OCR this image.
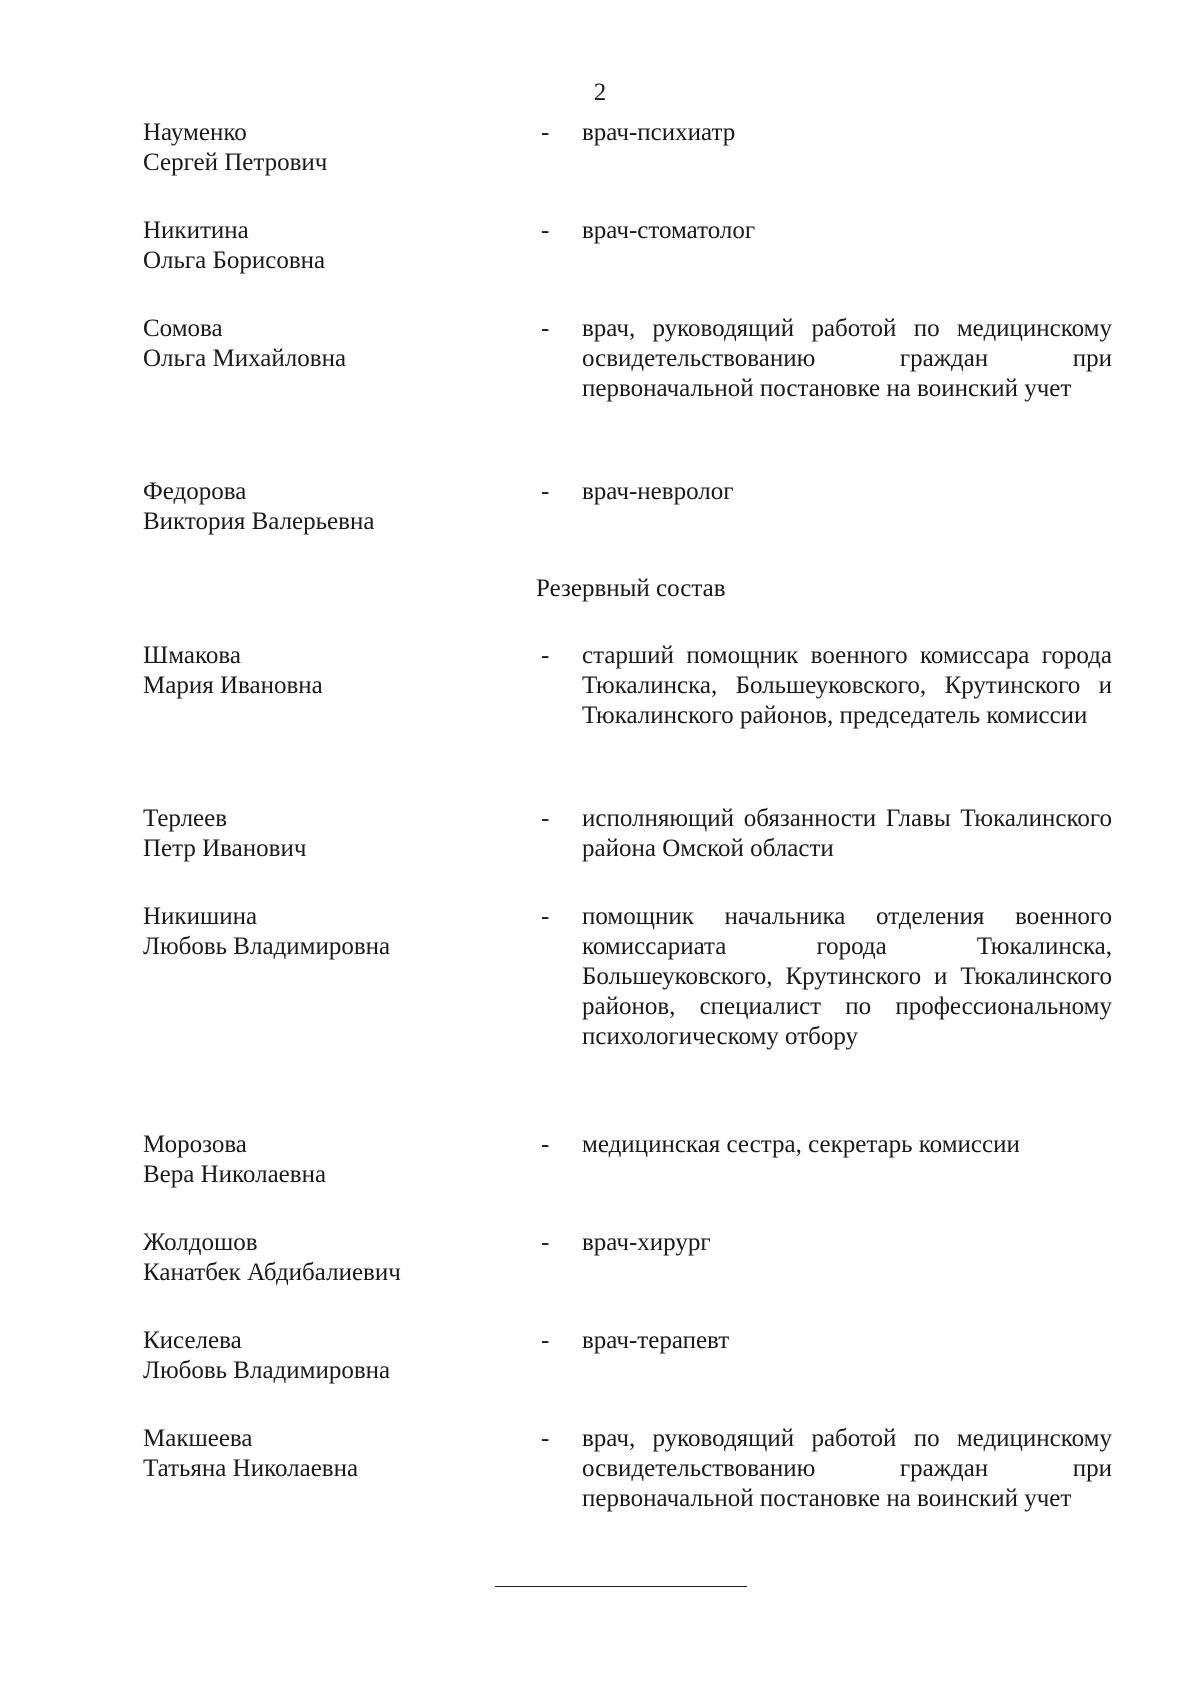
2
Науменко
Сергей Петрович
-	врач-психиатр
Никитина
Ольга Борисовна
-	врач-стоматолог
Сомова
Ольга Михайловна
-	врач, руководящий работой по медицинскому освидетельствованию граждан при первоначальной постановке на воинский учет
Федорова
Виктория Валерьевна
-	врач-невролог
Резервный состав
Шмакова
Мария Ивановна
-	старший помощник военного комиссара города Тюкалинска, Большеуковского, Крутинского и Тюкалинского районов, председатель комиссии
Терлеев
Петр Иванович
-	исполняющий обязанности Главы Тюкалинского района Омской области
Никишина
Любовь Владимировна
-	помощник начальника отделения военного комиссариата города Тюкалинска, Большеуковского, Крутинского и Тюкалинского районов, специалист по профессиональному психологическому отбору
Морозова
Вера Николаевна
-	медицинская сестра, секретарь комиссии
Жолдошов
Канатбек Абдибалиевич
-	врач-хирург
Киселева
Любовь Владимировна
-	врач-терапевт
Макшеева
Татьяна Николаевна
-	врач, руководящий работой по медицинскому освидетельствованию граждан при первоначальной постановке на воинский учет
